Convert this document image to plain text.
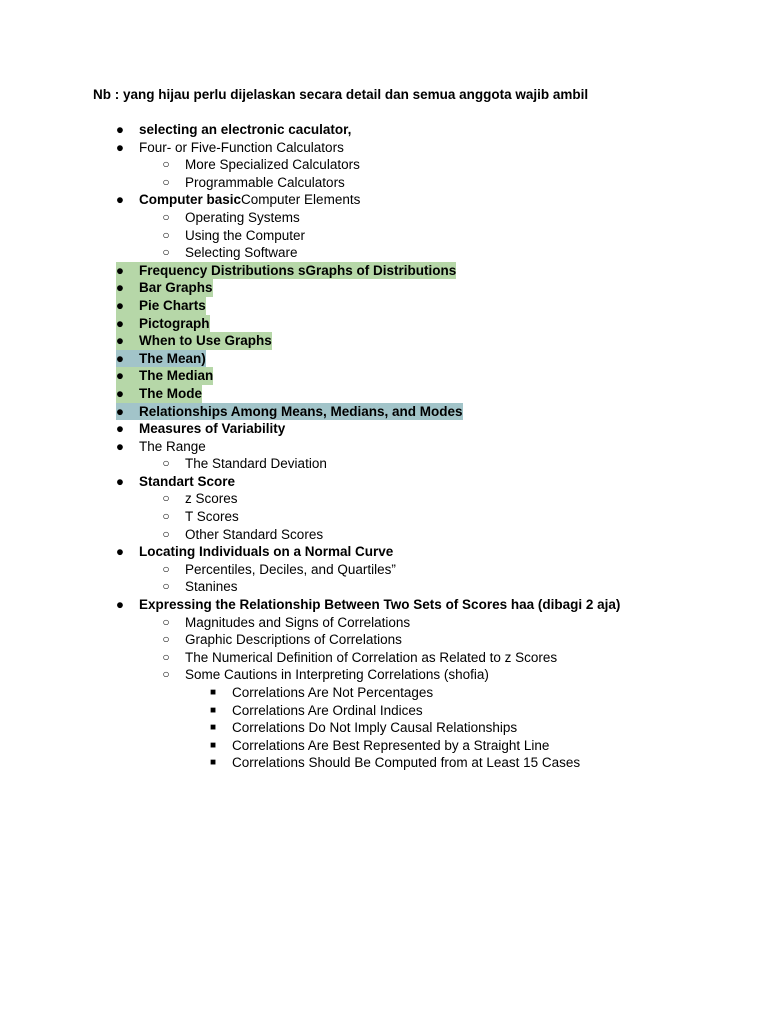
Nb : yang hijau perlu dijelaskan secara detail dan semua anggota wajib ambil
● selecting an electronic caculator,
● Four- or Five-Function Calculators
○ More Specialized Calculators
○ Programmable Calculators
● Computer basicComputer Elements
○ Operating Systems
○ Using the Computer
○ Selecting Software
● Frequency Distributions sGraphs of Distributions
● Bar Graphs
● Pie Charts
● Pictograph
● When to Use Graphs
● The Mean)
● The Median
● The Mode
● Relationships Among Means, Medians, and Modes
● Measures of Variability
● The Range
○ The Standard Deviation
● Standart Score
○ z Scores
○ T Scores
○ Other Standard Scores
● Locating Individuals on a Normal Curve
○ Percentiles, Deciles, and Quartiles”
○ Stanines
● Expressing the Relationship Between Two Sets of Scores haa (dibagi 2 aja)
○ Magnitudes and Signs of Correlations
○ Graphic Descriptions of Correlations
○ The Numerical Definition of Correlation as Related to z Scores
○ Some Cautions in Interpreting Correlations (shofia)
■ Correlations Are Not Percentages
■ Correlations Are Ordinal Indices
■ Correlations Do Not Imply Causal Relationships
■ Correlations Are Best Represented by a Straight Line
■ Correlations Should Be Computed from at Least 15 Cases
